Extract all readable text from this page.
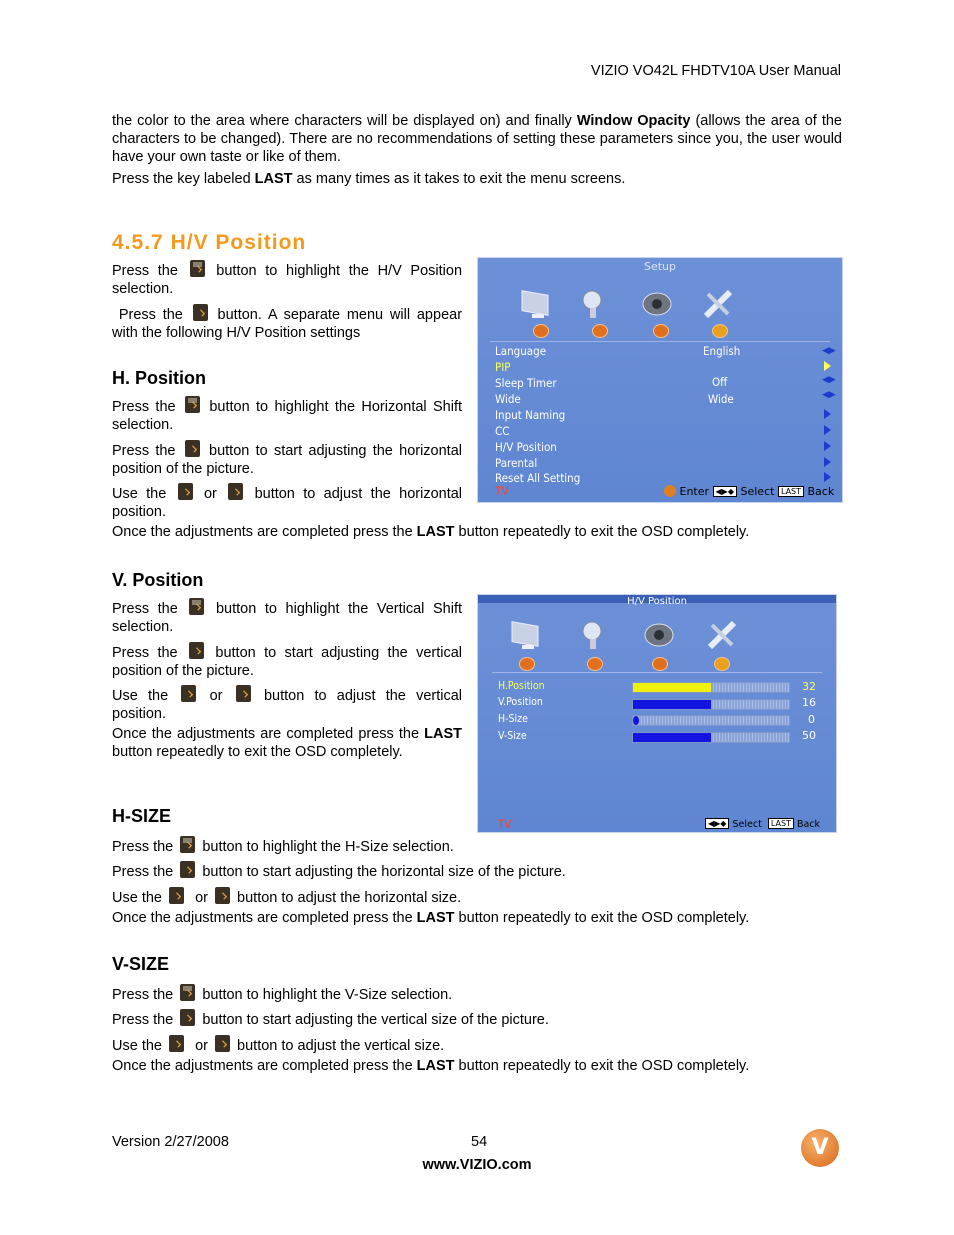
VIZIO VO42L FHDTV10A User Manual

the color to the area where characters will be displayed on) and finally Window Opacity (allows the area of the characters to be changed). There are no recommendations of setting these parameters since you, the user would have your own taste or like of them.

Press the key labeled LAST as many times as it takes to exit the menu screens.

4.5.7 H/V Position

Press the	button to highlight the H/V Position selection.

Press the button. A separate menu will appear with the following H/V Position settings

H. Position

Press the button to highlight the Horizontal Shift selection.

Press the button to start adjusting the horizontal position of the picture.

Use the	or	button to adjust the horizontal position.

Once the adjustments are completed press the LAST button repeatedly to exit the OSD completely.

V. Position

Press the	button to highlight the Vertical Shift selection.

Press the	button to start adjusting the vertical position of the picture.

Use the	or	button to adjust the vertical position.

Once the adjustments are completed press the LAST button repeatedly to exit the OSD completely.

H-SIZE

Press the button to highlight the H-Size selection.

Press the button to start adjusting the horizontal size of the picture.

Use the or button to adjust the horizontal size.

Once the adjustments are completed press the LAST button repeatedly to exit the OSD completely.

V-SIZE

Press the button to highlight the V-Size selection.

Press the button to start adjusting the vertical size of the picture.

Use the or button to adjust the vertical size.

Once the adjustments are completed press the LAST button repeatedly to exit the OSD completely.

Setup
Language	English	◀▶
PIP
Sleep Timer	Off	◀▶
Wide	Wide	◀▶
Input Naming
CC
H/V Position
Parental
Reset All Setting
TV	Enter ◀▶◆ Select LAST Back
H/V Position
H.Position	32
V.Position	16
H-Size	0
V-Size	50
TV	◀▶◆ Select LAST Back
Version 2/27/2008	54
www.VIZIO.com
V
